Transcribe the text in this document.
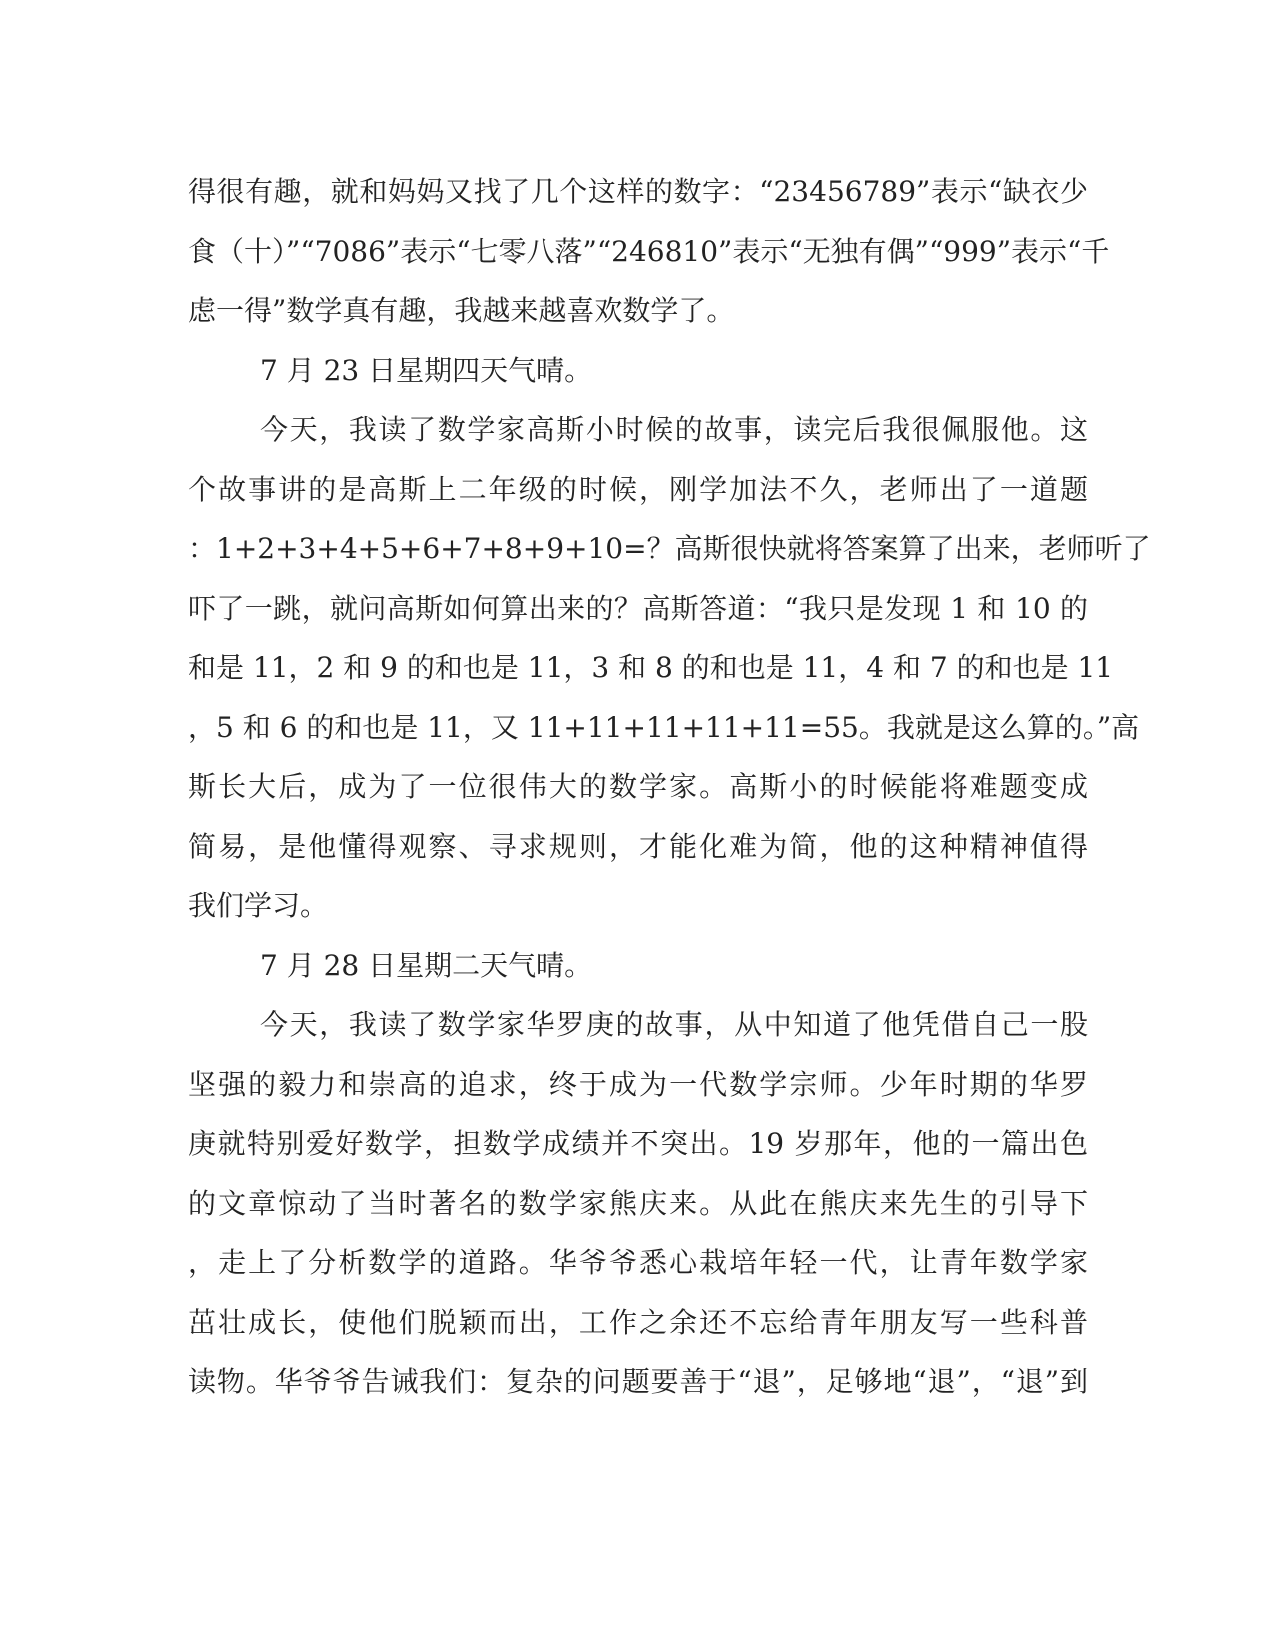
得很有趣，就和妈妈又找了几个这样的数字：“23456789”表示“缺衣少
食（十）”“7086”表示“七零八落”“246810”表示“无独有偶”“999”表示“千
虑一得”数学真有趣，我越来越喜欢数学了。
7 月 23 日星期四天气晴。
今天，我读了数学家高斯小时候的故事，读完后我很佩服他。这
个故事讲的是高斯上二年级的时候，刚学加法不久，老师出了一道题
：1+2+3+4+5+6+7+8+9+10=？高斯很快就将答案算了出来，老师听了
吓了一跳，就问高斯如何算出来的？高斯答道：“我只是发现 1 和 10 的
和是 11，2 和 9 的和也是 11，3 和 8 的和也是 11，4 和 7 的和也是 11
，5 和 6 的和也是 11，又 11+11+11+11+11=55。我就是这么算的。”高
斯长大后，成为了一位很伟大的数学家。高斯小的时候能将难题变成
简易，是他懂得观察、寻求规则，才能化难为简，他的这种精神值得
我们学习。
7 月 28 日星期二天气晴。
今天，我读了数学家华罗庚的故事，从中知道了他凭借自己一股
坚强的毅力和崇高的追求，终于成为一代数学宗师。少年时期的华罗
庚就特别爱好数学，担数学成绩并不突出。19 岁那年，他的一篇出色
的文章惊动了当时著名的数学家熊庆来。从此在熊庆来先生的引导下
，走上了分析数学的道路。华爷爷悉心栽培年轻一代，让青年数学家
茁壮成长，使他们脱颖而出，工作之余还不忘给青年朋友写一些科普
读物。华爷爷告诫我们：复杂的问题要善于“退”，足够地“退”，“退”到
